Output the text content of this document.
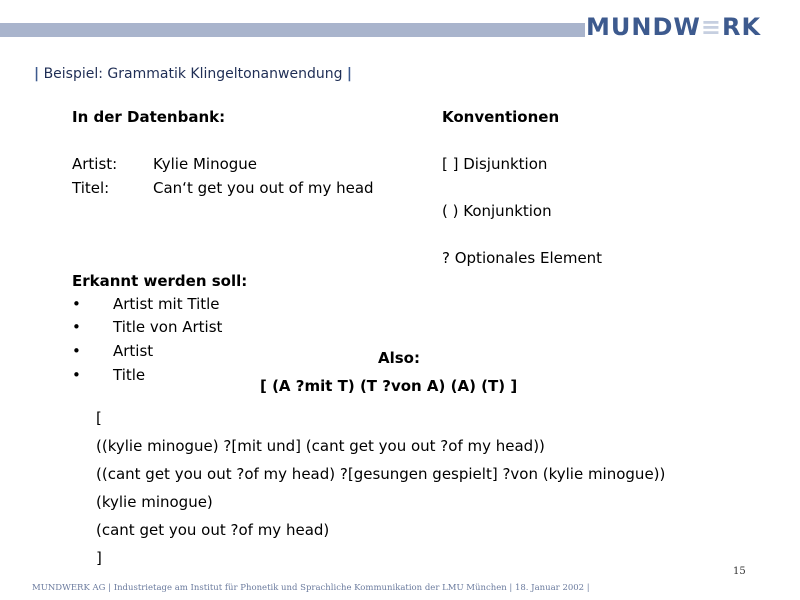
MUNDW≡RK
| Beispiel: Grammatik Klingeltonanwendung |
In der Datenbank:
Artist: Kylie Minogue
Titel:	Can‘t get you out of my head
Erkannt werden soll:
• Artist mit Title
• Title von Artist
• Artist
• Title
Konventionen
[ ] Disjunktion
( ) Konjunktion
? Optionales Element
Also:
[ (A ?mit T) (T ?von A) (A) (T) ]
[
((kylie minogue) ?[mit und] (cant get you out ?of my head))
((cant get you out ?of my head) ?[gesungen gespielt] ?von (kylie minogue))
(kylie minogue)
(cant get you out ?of my head)
]
15
MUNDWERK AG | Industrietage am Institut für Phonetik und Sprachliche Kommunikation der LMU München | 18. Januar 2002 |
